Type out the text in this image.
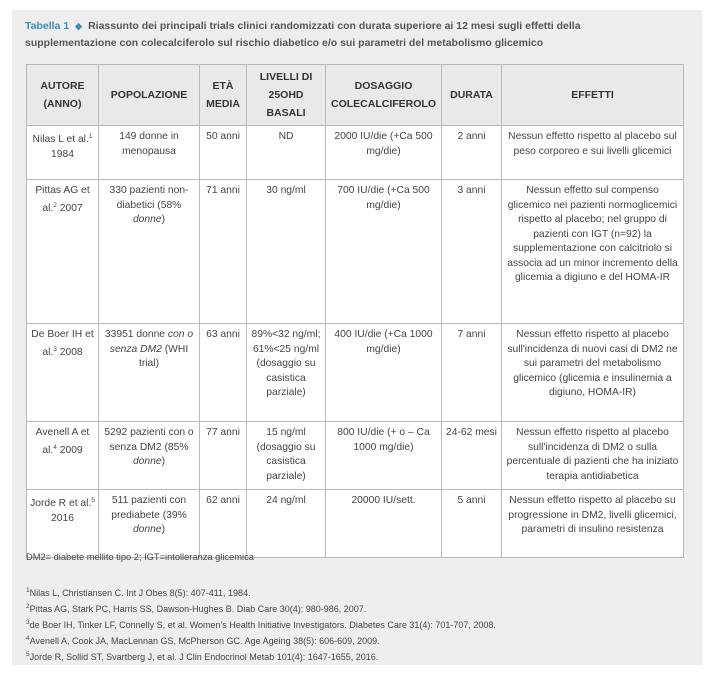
Tabella 1 ◆ Riassunto dei principali trials clinici randomizzati con durata superiore ai 12 mesi sugli effetti della supplementazione con colecalciferolo sul rischio diabetico e/o sui parametri del metabolismo glicemico
AUTORE (ANNO)	POPOLAZIONE	ETÀ MEDIA	LIVELLI DI 25OHD BASALI	DOSAGGIO COLECALCIFEROLO	DURATA	EFFETTI
Nilas L et al.$^1$ 1984	149 donne in menopausa	50 anni	ND	2000 IU/die (+Ca 500 mg/die)	2 anni	Nessun effetto rispetto al placebo sul peso corporeo e sui livelli glicemici
Pittas AG et al.$^2$ 2007	330 pazienti non-diabetici (58% donne)	71 anni	30 ng/ml	700 IU/die (+Ca 500 mg/die)	3 anni	Nessun effetto sul compenso glicemico nei pazienti normoglicemici rispetto al placebo; nel gruppo di pazienti con IGT (n=92) la supplementazione con calcitriolo si associa ad un minor incremento della glicemia a digiuno e del HOMA-IR
De Boer IH et al.$^3$ 2008	33951 donne con o senza DM2 (WHI trial)	63 anni	89%<32 ng/ml; 61%<25 ng/ml (dosaggio su casistica parziale)	400 IU/die (+Ca 1000 mg/die)	7 anni	Nessun effetto rispetto al placebo sull'incidenza di nuovi casi di DM2 ne sui parametri del metabolismo glicemico (glicemia e insulinemia a digiuno, HOMA-IR)
Avenell A et al.$^4$ 2009	5292 pazienti con o senza DM2 (85% donne)	77 anni	15 ng/ml (dosaggio su casistica parziale)	800 IU/die (+ o – Ca 1000 mg/die)	24-62 mesi	Nessun effetto rispetto al placebo sull'incidenza di DM2 o sulla percentuale di pazienti che ha iniziato terapia antidiabetica
Jorde R et al.$^5$ 2016	511 pazienti con prediabete (39% donne)	62 anni	24 ng/ml	20000 IU/sett.	5 anni	Nessun effetto rispetto al placebo su progressione in DM2, livelli glicemici, parametri di insulino resistenza
DM2= diabete mellito tipo 2; IGT=intolleranza glicemica
$^1$Nilas L, Christiansen C. Int J Obes 8(5): 407-411, 1984.
$^2$Pittas AG, Stark PC, Harris SS, Dawson-Hughes B. Diab Care 30(4): 980-986, 2007.
$^3$de Boer IH, Tinker LF, Connelly S, et al. Women's Health Initiative Investigators. Diabetes Care 31(4): 701-707, 2008.
$^4$Avenell A, Cook JA, MacLennan GS, McPherson GC. Age Ageing 38(5): 606-609, 2009.
$^5$Jorde R, Sollid ST, Svartberg J, et al. J Clin Endocrinol Metab 101(4): 1647-1655, 2016.
